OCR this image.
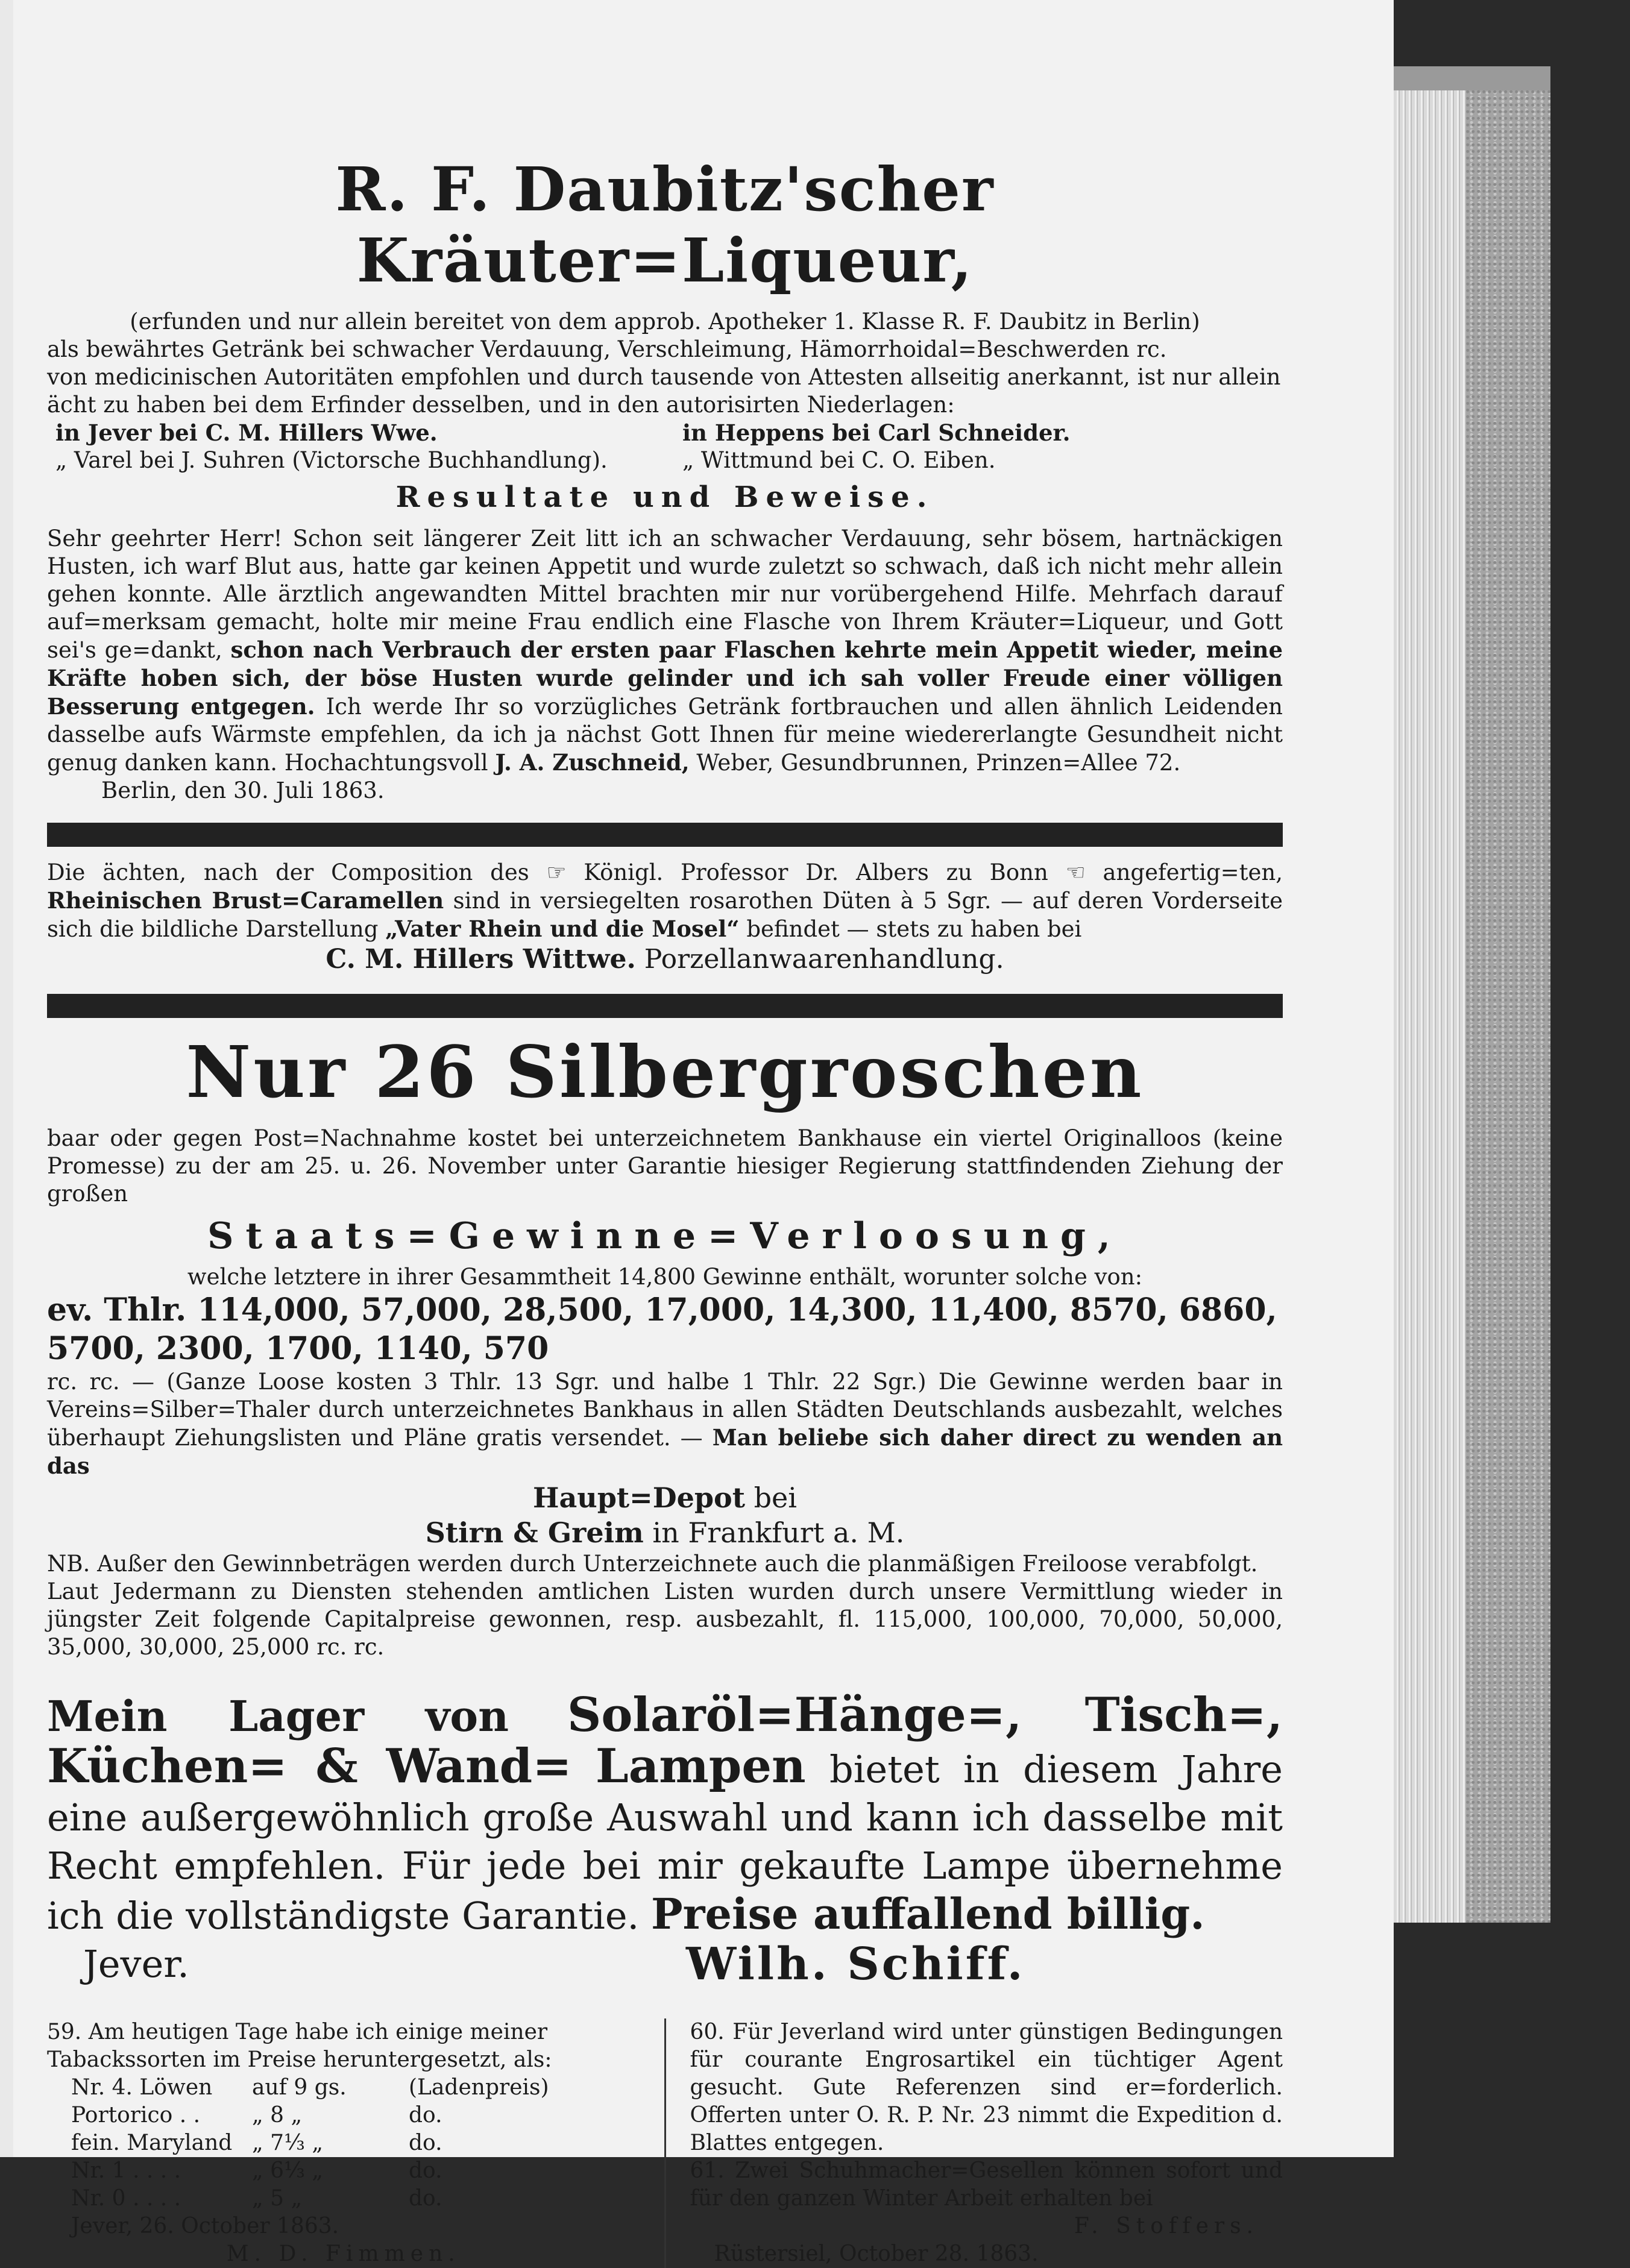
R. F. Daubitz'scher Kräuter=Liqueur,

(erfunden und nur allein bereitet von dem approb. Apotheker 1. Klasse R. F. Daubitz in Berlin)

als bewährtes Getränk bei schwacher Verdauung, Verschleimung, Hämorrhoidal=Beschwerden rc.

von medicinischen Autoritäten empfohlen und durch tausende von Attesten allseitig anerkannt, ist nur allein

ächt zu haben bei dem Erfinder desselben, und in den autorisirten Niederlagen:

in Jever bei C. M. Hillers Wwe.	in Heppens bei Carl Schneider.
„ Varel bei J. Suhren (Victorsche Buchhandlung).	„ Wittmund bei C. O. Eiben.
Resultate und Beweise.

Sehr geehrter Herr! Schon seit längerer Zeit litt ich an schwacher Verdauung, sehr bösem, hartnäckigen Husten, ich warf Blut aus, hatte gar keinen Appetit und wurde zuletzt so schwach, daß ich nicht mehr allein gehen konnte. Alle ärztlich angewandten Mittel brachten mir nur vorübergehend Hilfe. Mehrfach darauf auf=merksam gemacht, holte mir meine Frau endlich eine Flasche von Ihrem Kräuter=Liqueur, und Gott sei's ge=dankt, schon nach Verbrauch der ersten paar Flaschen kehrte mein Appetit wieder, meine Kräfte hoben sich, der böse Husten wurde gelinder und ich sah voller Freude einer völligen Besserung entgegen. Ich werde Ihr so vorzügliches Getränk fortbrauchen und allen ähnlich Leidenden dasselbe aufs Wärmste empfehlen, da ich ja nächst Gott Ihnen für meine wiedererlangte Gesundheit nicht genug danken kann. Hochachtungsvoll J. A. Zuschneid, Weber, Gesundbrunnen, Prinzen=Allee 72.

Berlin, den 30. Juli 1863.

Die ächten, nach der Composition des ☞ Königl. Professor Dr. Albers zu Bonn ☜ angefertig=ten, Rheinischen Brust=Caramellen sind in versiegelten rosarothen Düten à 5 Sgr. — auf deren Vorderseite sich die bildliche Darstellung „Vater Rhein und die Mosel“ befindet — stets zu haben bei

C. M. Hillers Wittwe. Porzellanwaarenhandlung.

Nur 26 Silbergroschen

baar oder gegen Post=Nachnahme kostet bei unterzeichnetem Bankhause ein viertel Originalloos (keine Promesse) zu der am 25. u. 26. November unter Garantie hiesiger Regierung stattfindenden Ziehung der großen

Staats=Gewinne=Verloosung,

welche letztere in ihrer Gesammtheit 14,800 Gewinne enthält, worunter solche von:

ev. Thlr. 114,000, 57,000, 28,500, 17,000, 14,300, 11,400, 8570, 6860, 5700, 2300, 1700, 1140, 570

rc. rc. — (Ganze Loose kosten 3 Thlr. 13 Sgr. und halbe 1 Thlr. 22 Sgr.) Die Gewinne werden baar in Vereins=Silber=Thaler durch unterzeichnetes Bankhaus in allen Städten Deutschlands ausbezahlt, welches überhaupt Ziehungslisten und Pläne gratis versendet. — Man beliebe sich daher direct zu wenden an das

Haupt=Depot bei

Stirn & Greim in Frankfurt a. M.

NB. Außer den Gewinnbeträgen werden durch Unterzeichnete auch die planmäßigen Freiloose verabfolgt.

Laut Jedermann zu Diensten stehenden amtlichen Listen wurden durch unsere Vermittlung wieder in jüngster Zeit folgende Capitalpreise gewonnen, resp. ausbezahlt, fl. 115,000, 100,000, 70,000, 50,000, 35,000, 30,000, 25,000 rc. rc.

Mein Lager von Solaröl=Hänge=, Tisch=, Küchen= & Wand= Lampen bietet in diesem Jahre eine außergewöhnlich große Auswahl und kann ich dasselbe mit Recht empfehlen. Für jede bei mir gekaufte Lampe übernehme ich die vollständigste Garantie. Preise auffallend billig.

Jever.	Wilh. Schiff.
59. Am heutigen Tage habe ich einige meiner Tabackssorten im Preise heruntergesetzt, als:
Nr. 4. Löwen	auf 9 gs.	(Ladenpreis)
Portorico . .	„ 8 „	do.
fein. Maryland „ 7⅓ „	do.
Nr. 1 . . . .	„ 6⅓ „	do.
Nr. 0 . . . .	„ 5 „	do.
Jever, 26. October 1863.
M. D. Fimmen.
60. Für Jeverland wird unter günstigen Bedingungen für courante Engrosartikel ein tüchtiger Agent gesucht. Gute Referenzen sind er=forderlich. Offerten unter O. R. P. Nr. 23 nimmt die Expedition d. Blattes entgegen.
61. Zwei Schuhmacher=Gesellen können sofort und für den ganzen Winter Arbeit erhalten bei
F. Stoffers.
Rüstersiel, October 28. 1863.
